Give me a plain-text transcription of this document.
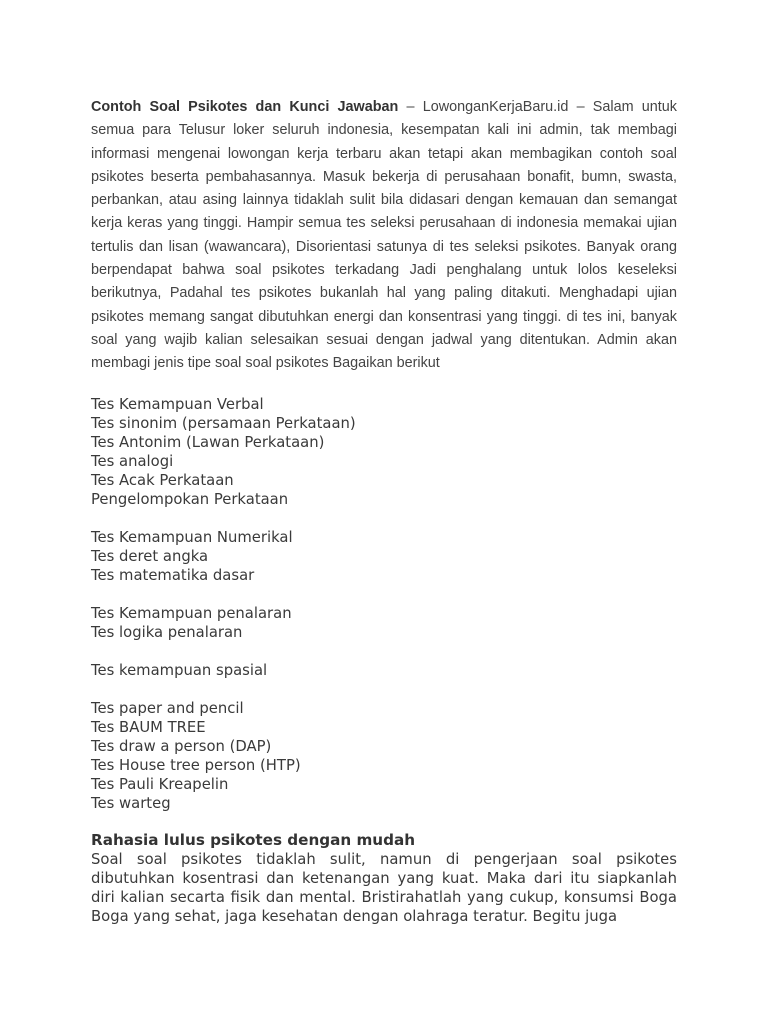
Contoh Soal Psikotes dan Kunci Jawaban – LowonganKerjaBaru.id – Salam untuk semua para Telusur loker seluruh indonesia, kesempatan kali ini admin, tak membagi informasi mengenai lowongan kerja terbaru akan tetapi akan membagikan contoh soal psikotes beserta pembahasannya. Masuk bekerja di perusahaan bonafit, bumn, swasta, perbankan, atau asing lainnya tidaklah sulit bila didasari dengan kemauan dan semangat kerja keras yang tinggi. Hampir semua tes seleksi perusahaan di indonesia memakai ujian tertulis dan lisan (wawancara), Disorientasi satunya di tes seleksi psikotes. Banyak orang berpendapat bahwa soal psikotes terkadang Jadi penghalang untuk lolos keseleksi berikutnya, Padahal tes psikotes bukanlah hal yang paling ditakuti. Menghadapi ujian psikotes memang sangat dibutuhkan energi dan konsentrasi yang tinggi. di tes ini, banyak soal yang wajib kalian selesaikan sesuai dengan jadwal yang ditentukan. Admin akan membagi jenis tipe soal soal psikotes Bagaikan berikut

Tes Kemampuan Verbal
Tes sinonim (persamaan Perkataan)
Tes Antonim (Lawan Perkataan)
Tes analogi
Tes Acak Perkataan
Pengelompokan Perkataan
Tes Kemampuan Numerikal
Tes deret angka
Tes matematika dasar
Tes Kemampuan penalaran
Tes logika penalaran
Tes kemampuan spasial
Tes paper and pencil
Tes BAUM TREE
Tes draw a person (DAP)
Tes House tree person (HTP)
Tes Pauli Kreapelin
Tes warteg
Rahasia lulus psikotes dengan mudah

Soal soal psikotes tidaklah sulit, namun di pengerjaan soal psikotes dibutuhkan kosentrasi dan ketenangan yang kuat. Maka dari itu siapkanlah diri kalian secarta fisik dan mental. Bristirahatlah yang cukup, konsumsi Boga Boga yang sehat, jaga kesehatan dengan olahraga teratur. Begitu juga
